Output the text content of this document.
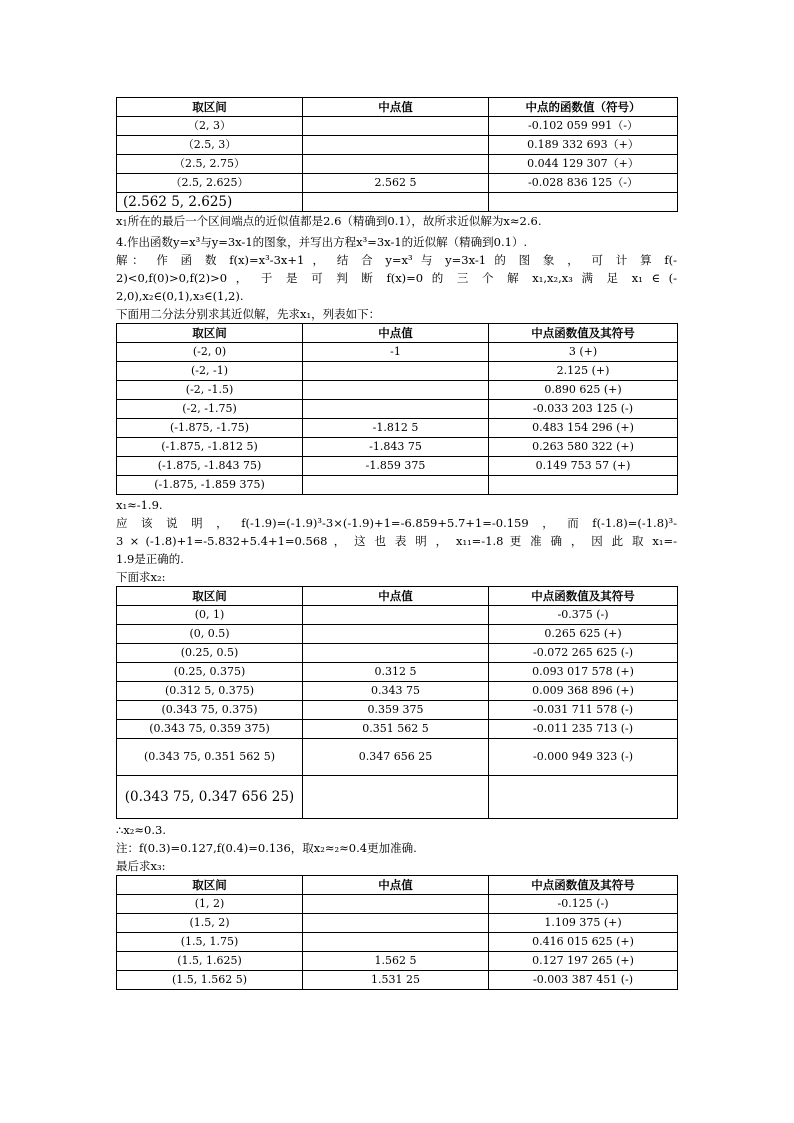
取区间	中点值	中点的函数值（符号）
（2, 3）		-0.102 059 991（-）
（2.5, 3）		0.189 332 693（+）
（2.5, 2.75）		0.044 129 307（+）
（2.5, 2.625）	2.562 5	-0.028 836 125（-）
(2.562 5, 2.625)		

x1所在的最后一个区间端点的近似值都是2.6（精确到0.1），故所求近似解为x≈2.6.

4.作出函数y=x³与y=3x-1的图象，并写出方程x³=3x-1的近似解（精确到0.1）.

解： 作 函 数 f(x)=x³-3x+1 ， 结 合 y=x³ 与 y=3x-1 的 图 象 ， 可 计 算 f(-

2)<0,f(0)>0,f(2)>0 ， 于 是 可 判 断 f(x)=0 的 三 个 解 x₁,x₂,x₃ 满 足 x₁ ∈ (-

2,0),x₂∈(0,1),x₃∈(1,2).

下面用二分法分别求其近似解，先求x₁，列表如下：

取区间	中点值	中点函数值及其符号
(-2, 0)	-1	3 (+)
(-2, -1)		2.125 (+)
(-2, -1.5)		0.890 625 (+)
(-2, -1.75)		-0.033 203 125 (-)
(-1.875, -1.75)	-1.812 5	0.483 154 296 (+)
(-1.875, -1.812 5)	-1.843 75	0.263 580 322 (+)
(-1.875, -1.843 75)	-1.859 375	0.149 753 57 (+)
(-1.875, -1.859 375)		

x₁≈-1.9.

应该说明，f(-1.9)=(-1.9)³-3×(-1.9)+1=-6.859+5.7+1=-0.159，而f(-1.8)=(-1.8)³-

3 × (-1.8)+1=-5.832+5.4+1=0.568 ， 这 也 表 明 ， x₁₁=-1.8 更 准 确 ， 因 此 取 x₁=-

1.9是正确的.

下面求x₂:

取区间	中点值	中点函数值及其符号
(0, 1)		-0.375 (-)
(0, 0.5)		0.265 625 (+)
(0.25, 0.5)		-0.072 265 625 (-)
(0.25, 0.375)	0.312 5	0.093 017 578 (+)
(0.312 5, 0.375)	0.343 75	0.009 368 896 (+)
(0.343 75, 0.375)	0.359 375	-0.031 711 578 (-)
(0.343 75, 0.359 375)	0.351 562 5	-0.011 235 713 (-)
(0.343 75, 0.351 562 5)	0.347 656 25	-0.000 949 323 (-)
(0.343 75, 0.347 656 25)		

∴x₂≈0.3.

注：f(0.3)=0.127,f(0.4)=0.136，取x₂≈₂≈0.4更加准确.

最后求x₃:

取区间	中点值	中点函数值及其符号
(1, 2)		-0.125 (-)
(1.5, 2)		1.109 375 (+)
(1.5, 1.75)		0.416 015 625 (+)
(1.5, 1.625)	1.562 5	0.127 197 265 (+)
(1.5, 1.562 5)	1.531 25	-0.003 387 451 (-)
